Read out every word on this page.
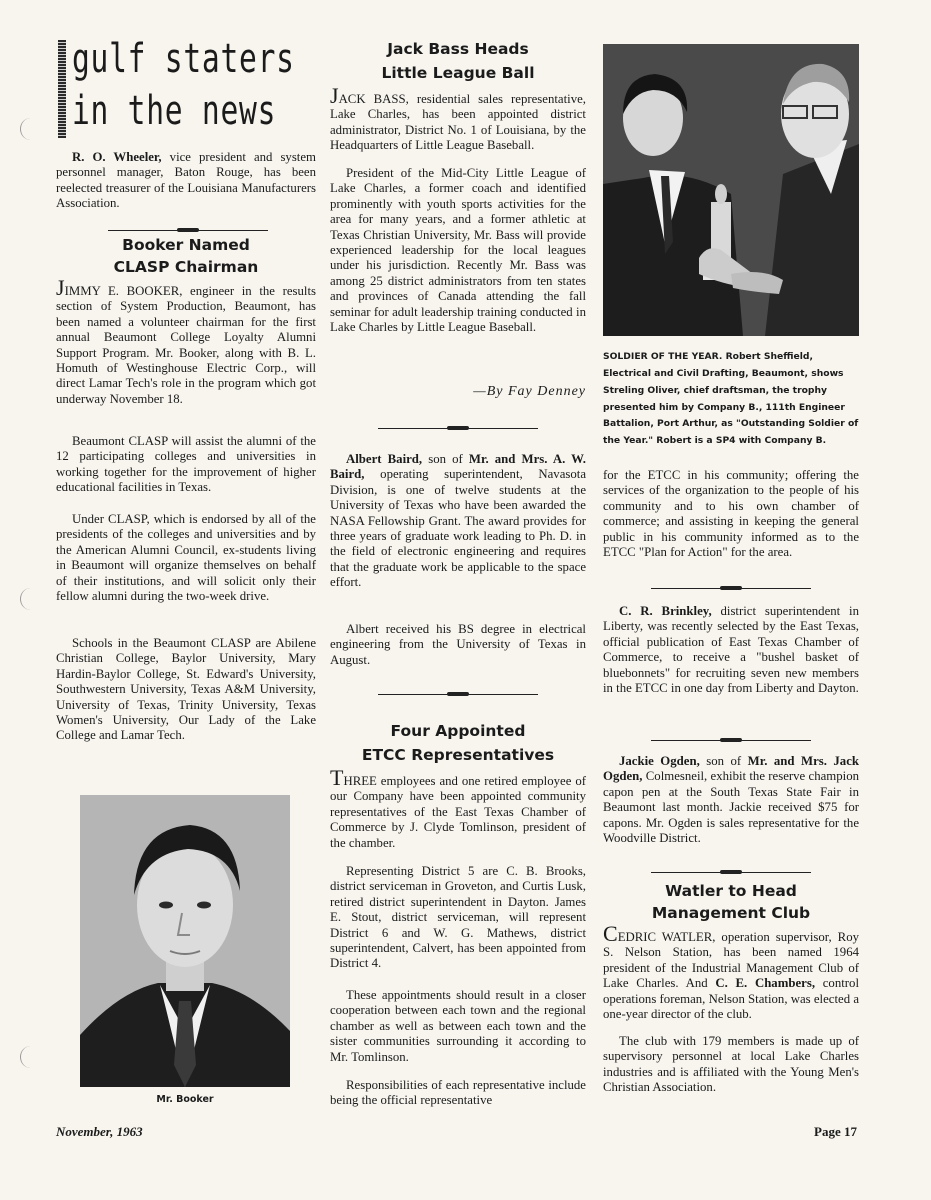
gulf staters
in the news

R. O. Wheeler, vice president and system personnel manager, Baton Rouge, has been reelected treasurer of the Louisiana Manufacturers Association.

Booker Named
CLASP Chairman

JIMMY E. BOOKER, engineer in the results section of System Production, Beaumont, has been named a volunteer chairman for the first annual Beaumont College Loyalty Alumni Support Program. Mr. Booker, along with B. L. Homuth of Westinghouse Electric Corp., will direct Lamar Tech's role in the program which got underway November 18.

Beaumont CLASP will assist the alumni of the 12 participating colleges and universities in working together for the improvement of higher educational facilities in Texas.

Under CLASP, which is endorsed by all of the presidents of the colleges and universities and by the American Alumni Council, ex-students living in Beaumont will organize themselves on behalf of their institutions, and will solicit only their fellow alumni during the two-week drive.

Schools in the Beaumont CLASP are Abilene Christian College, Baylor University, Mary Hardin-Baylor College, St. Edward's University, Southwestern University, Texas A&M University, University of Texas, Trinity University, Texas Women's University, Our Lady of the Lake College and Lamar Tech.

Mr. Booker
Jack Bass Heads
Little League Ball

JACK BASS, residential sales representative, Lake Charles, has been appointed district administrator, District No. 1 of Louisiana, by the Headquarters of Little League Baseball.

President of the Mid-City Little League of Lake Charles, a former coach and identified prominently with youth sports activities for the area for many years, and a former athletic at Texas Christian University, Mr. Bass will provide experienced leadership for the local leagues under his jurisdiction. Recently Mr. Bass was among 25 district administrators from ten states and provinces of Canada attending the fall seminar for adult leadership training conducted in Lake Charles by Little League Baseball.

—By Fay Denney

Albert Baird, son of Mr. and Mrs. A. W. Baird, operating superintendent, Navasota Division, is one of twelve students at the University of Texas who have been awarded the NASA Fellowship Grant. The award provides for three years of graduate work leading to Ph. D. in the field of electronic engineering and requires that the graduate work be applicable to the space effort.

Albert received his BS degree in electrical engineering from the University of Texas in August.

Four Appointed
ETCC Representatives

THREE employees and one retired employee of our Company have been appointed community representatives of the East Texas Chamber of Commerce by J. Clyde Tomlinson, president of the chamber.

Representing District 5 are C. B. Brooks, district serviceman in Groveton, and Curtis Lusk, retired district superintendent in Dayton. James E. Stout, district serviceman, will represent District 6 and W. G. Mathews, district superintendent, Calvert, has been appointed from District 4.

These appointments should result in a closer cooperation between each town and the regional chamber as well as between each town and the sister communities surrounding it according to Mr. Tomlinson.

Responsibilities of each representative include being the official representative

SOLDIER OF THE YEAR. Robert Sheffield, Electrical and Civil Drafting, Beaumont, shows Streling Oliver, chief draftsman, the trophy presented him by Company B., 111th Engineer Battalion, Port Arthur, as "Outstanding Soldier of the Year." Robert is a SP4 with Company B.

for the ETCC in his community; offering the services of the organization to the people of his community and to his own chamber of commerce; and assisting in keeping the general public in his community informed as to the ETCC "Plan for Action" for the area.

C. R. Brinkley, district superintendent in Liberty, was recently selected by the East Texas, official publication of East Texas Chamber of Commerce, to receive a "bushel basket of bluebonnets" for recruiting seven new members in the ETCC in one day from Liberty and Dayton.

Jackie Ogden, son of Mr. and Mrs. Jack Ogden, Colmesneil, exhibit the reserve champion capon pen at the South Texas State Fair in Beaumont last month. Jackie received $75 for capons. Mr. Ogden is sales representative for the Woodville District.

Watler to Head
Management Club

CEDRIC WATLER, operation supervisor, Roy S. Nelson Station, has been named 1964 president of the Industrial Management Club of Lake Charles. And C. E. Chambers, control operations foreman, Nelson Station, was elected a one-year director of the club.

The club with 179 members is made up of supervisory personnel at local Lake Charles industries and is affiliated with the Young Men's Christian Association.

November, 1963	Page 17
